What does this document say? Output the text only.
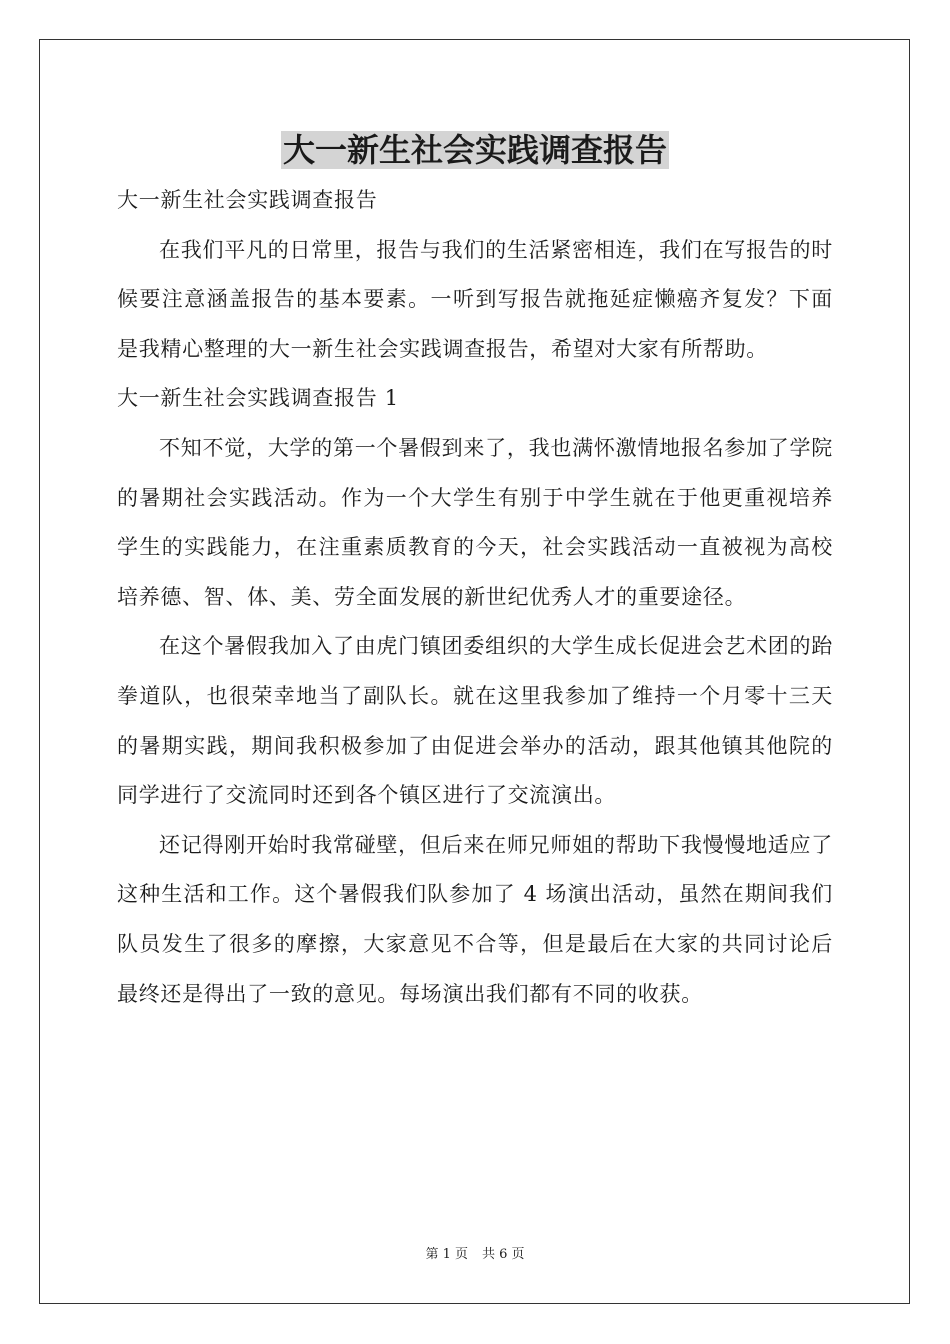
大一新生社会实践调查报告

大一新生社会实践调查报告

在我们平凡的日常里，报告与我们的生活紧密相连，我们在写报告的时候要注意涵盖报告的基本要素。一听到写报告就拖延症懒癌齐复发？下面是我精心整理的大一新生社会实践调查报告，希望对大家有所帮助。

大一新生社会实践调查报告 1

不知不觉，大学的第一个暑假到来了，我也满怀激情地报名参加了学院的暑期社会实践活动。作为一个大学生有别于中学生就在于他更重视培养学生的实践能力，在注重素质教育的今天，社会实践活动一直被视为高校培养德、智、体、美、劳全面发展的新世纪优秀人才的重要途径。

在这个暑假我加入了由虎门镇团委组织的大学生成长促进会艺术团的跆拳道队，也很荣幸地当了副队长。就在这里我参加了维持一个月零十三天的暑期实践，期间我积极参加了由促进会举办的活动，跟其他镇其他院的同学进行了交流同时还到各个镇区进行了交流演出。

还记得刚开始时我常碰壁，但后来在师兄师姐的帮助下我慢慢地适应了这种生活和工作。这个暑假我们队参加了 4 场演出活动，虽然在期间我们队员发生了很多的摩擦，大家意见不合等，但是最后在大家的共同讨论后最终还是得出了一致的意见。每场演出我们都有不同的收获。

第 1 页 共 6 页
